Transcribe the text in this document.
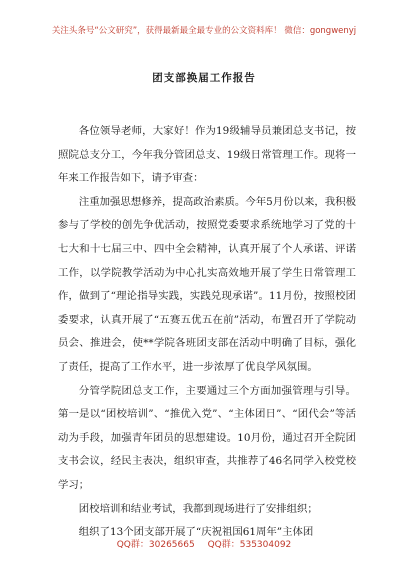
关注头条号“公文研究”，获得最新最全最专业的公文资料库！ 微信：gongwenyj
团支部换届工作报告

各位领导老师，大家好！作为19级辅导员兼团总支书记，按照院总支分工，今年我分管团总支、19级日常管理工作。现将一年来工作报告如下，请予审查：

注重加强思想修养，提高政治素质。今年5月份以来，我积极参与了学校的创先争优活动，按照党委要求系统地学习了党的十七大和十七届三中、四中全会精神，认真开展了个人承诺、评诺工作，以学院教学活动为中心扎实高效地开展了学生日常管理工作，做到了“理论指导实践，实践兑现承诺”。11月份，按照校团委要求，认真开展了“五赛五优五在前”活动，布置召开了学院动员会、推进会，使**学院各班团支部在活动中明确了目标，强化了责任，提高了工作水平，进一步浓厚了优良学风氛围。

分管学院团总支工作，主要通过三个方面加强管理与引导。第一是以“团校培训”、“推优入党”、“主体团日”、“团代会”等活动为手段，加强青年团员的思想建设。10月份，通过召开全院团支书会议，经民主表决，组织审查，共推荐了46名同学入校党校学习；

团校培训和结业考试，我都到现场进行了安排组织；

组织了13个团支部开展了“庆祝祖国61周年”主体团

QQ群：30265665 QQ群：535304092
